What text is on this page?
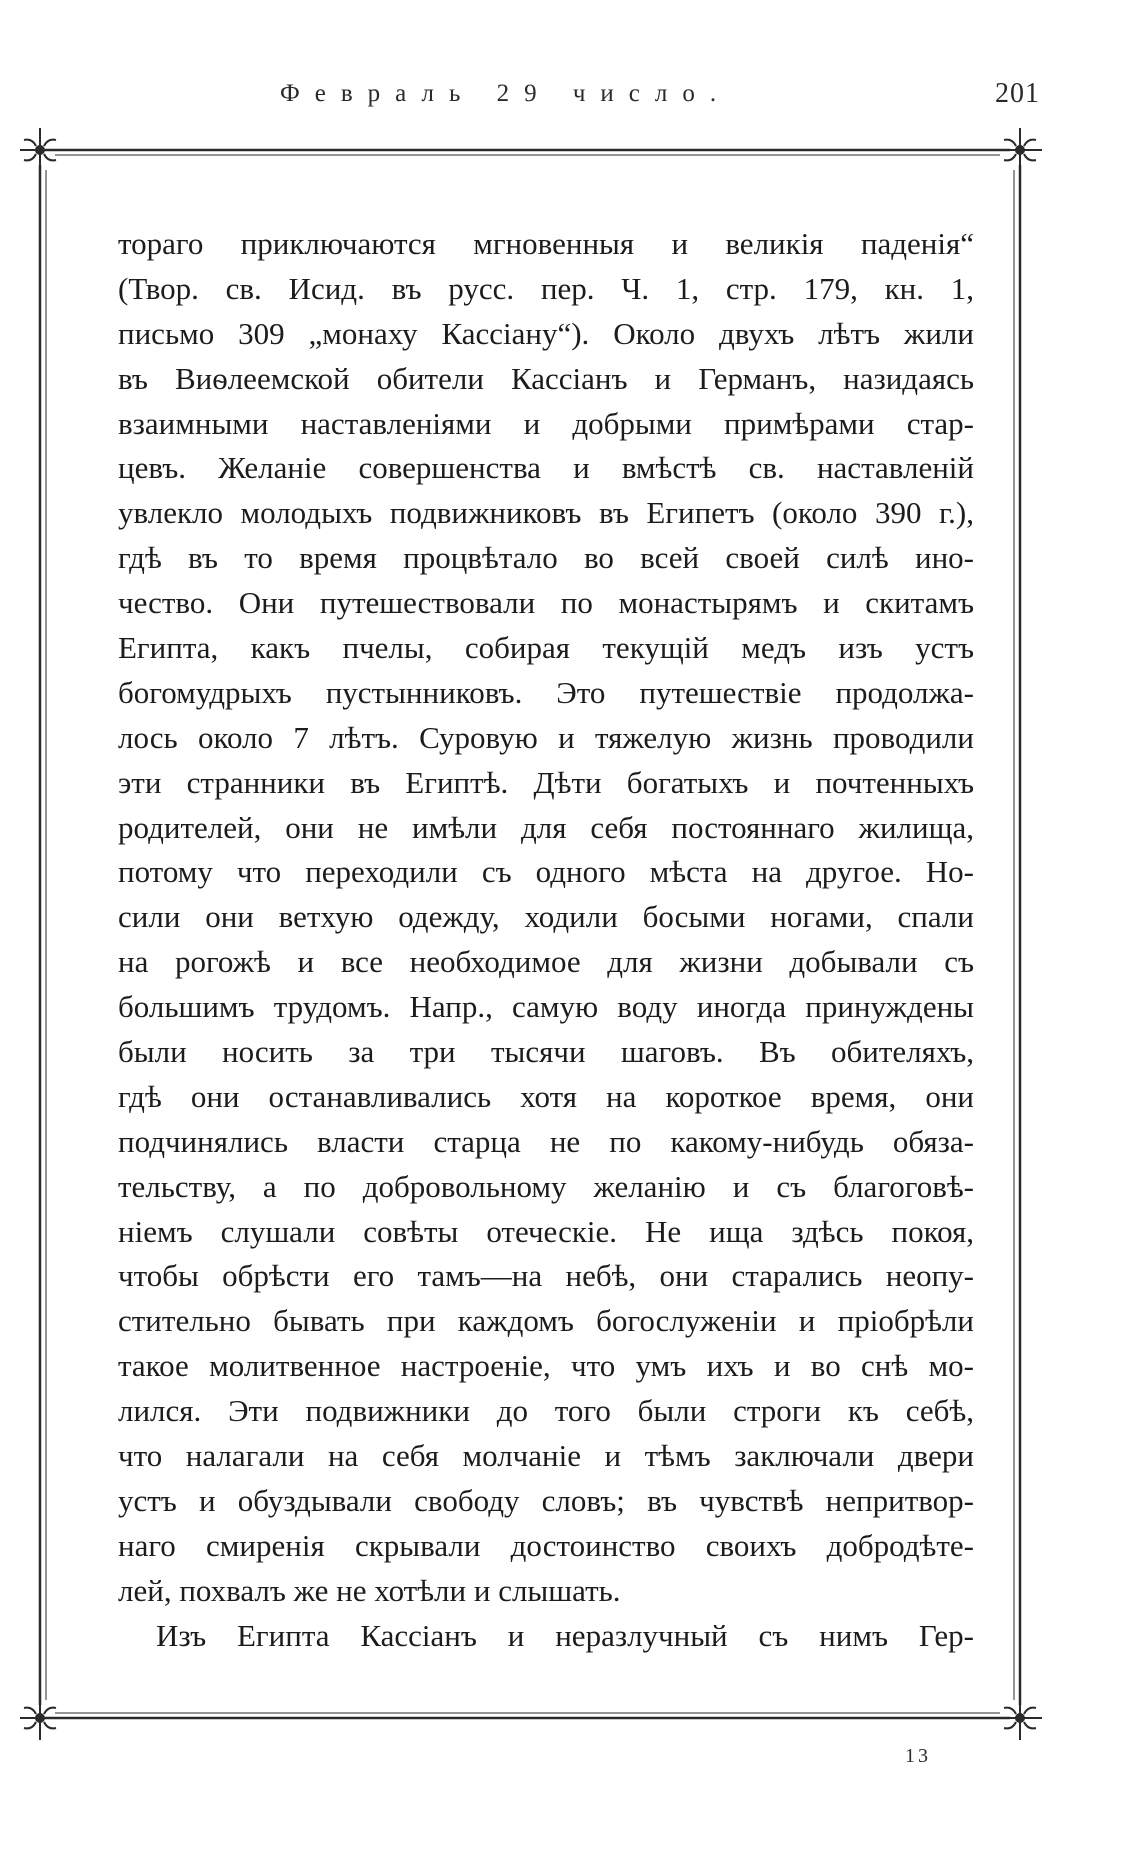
Февраль 29 число.	201
тораго приключаются мгновенныя и великія паденія“
(Твор. св. Исид. въ русс. пер. Ч. 1, стр. 179, кн. 1,
письмо 309 „монаху Кассіану“). Около двухъ лѣтъ жили
въ Виѳлеемской обители Кассіанъ и Германъ, назидаясь
взаимными наставленіями и добрыми примѣрами стар-
цевъ. Желаніе совершенства и вмѣстѣ св. наставленій
увлекло молодыхъ подвижниковъ въ Египетъ (около 390 г.),
гдѣ въ то время процвѣтало во всей своей силѣ ино-
чество. Они путешествовали по монастырямъ и скитамъ
Египта, какъ пчелы, собирая текущій медъ изъ устъ
богомудрыхъ пустынниковъ. Это путешествіе продолжа-
лось около 7 лѣтъ. Суровую и тяжелую жизнь проводили
эти странники въ Египтѣ. Дѣти богатыхъ и почтенныхъ
родителей, они не имѣли для себя постояннаго жилища,
потому что переходили съ одного мѣста на другое. Но-
сили они ветхую одежду, ходили босыми ногами, спали
на рогожѣ и все необходимое для жизни добывали съ
большимъ трудомъ. Напр., самую воду иногда принуждены
были носить за три тысячи шаговъ. Въ обителяхъ,
гдѣ они останавливались хотя на короткое время, они
подчинялись власти старца не по какому-нибудь обяза-
тельству, а по добровольному желанію и съ благоговѣ-
ніемъ слушали совѣты отеческіе. Не ища здѣсь покоя,
чтобы обрѣсти его тамъ—на небѣ, они старались неопу-
стительно бывать при каждомъ богослуженіи и пріобрѣли
такое молитвенное настроеніе, что умъ ихъ и во снѣ мо-
лился. Эти подвижники до того были строги къ себѣ,
что налагали на себя молчаніе и тѣмъ заключали двери
устъ и обуздывали свободу словъ; въ чувствѣ непритвор-
наго смиренія скрывали достоинство своихъ добродѣте-
лей, похвалъ же не хотѣли и слышать.
Изъ Египта Кассіанъ и неразлучный съ нимъ Гер-
13
